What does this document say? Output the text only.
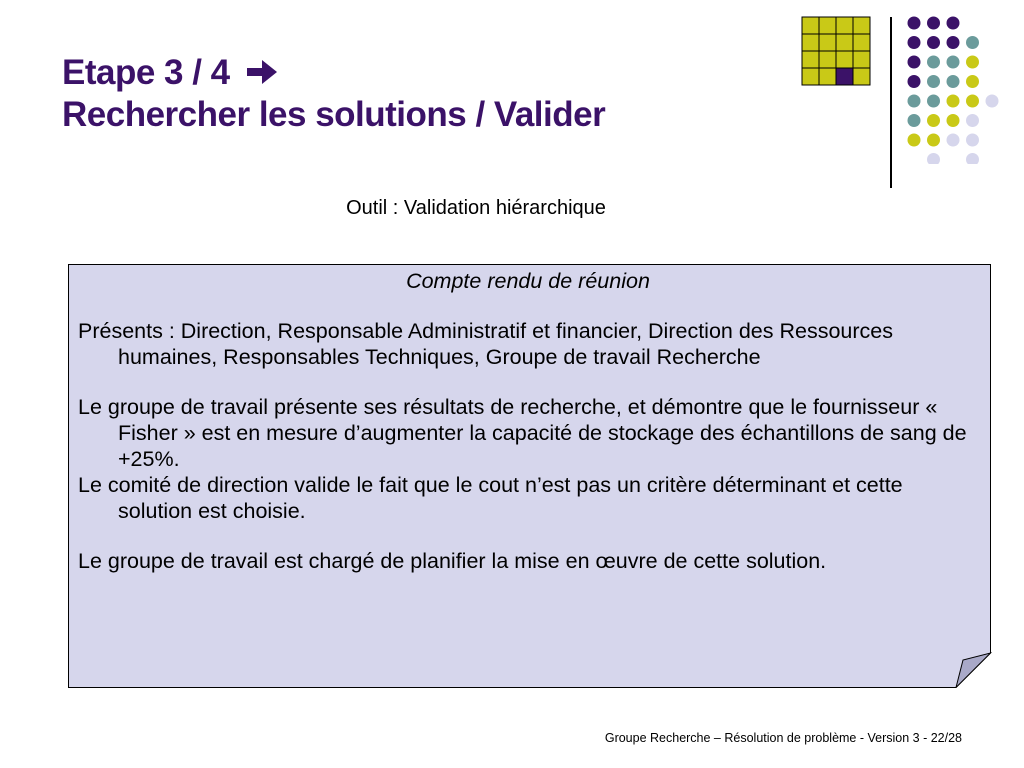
Etape 3 / 4
Rechercher les solutions / Valider
Outil : Validation hiérarchique
Compte rendu de réunion

Présents : Direction, Responsable Administratif et financier, Direction des Ressources humaines, Responsables Techniques, Groupe de travail Recherche

Le groupe de travail présente ses résultats de recherche, et démontre que le fournisseur « Fisher » est en mesure d’augmenter la capacité de stockage des échantillons de sang de +25%.

Le comité de direction valide le fait que le cout n’est pas un critère déterminant et cette solution est choisie.

Le groupe de travail est chargé de planifier la mise en œuvre de cette solution.

Groupe Recherche – Résolution de problème - Version 3 - 22/28
